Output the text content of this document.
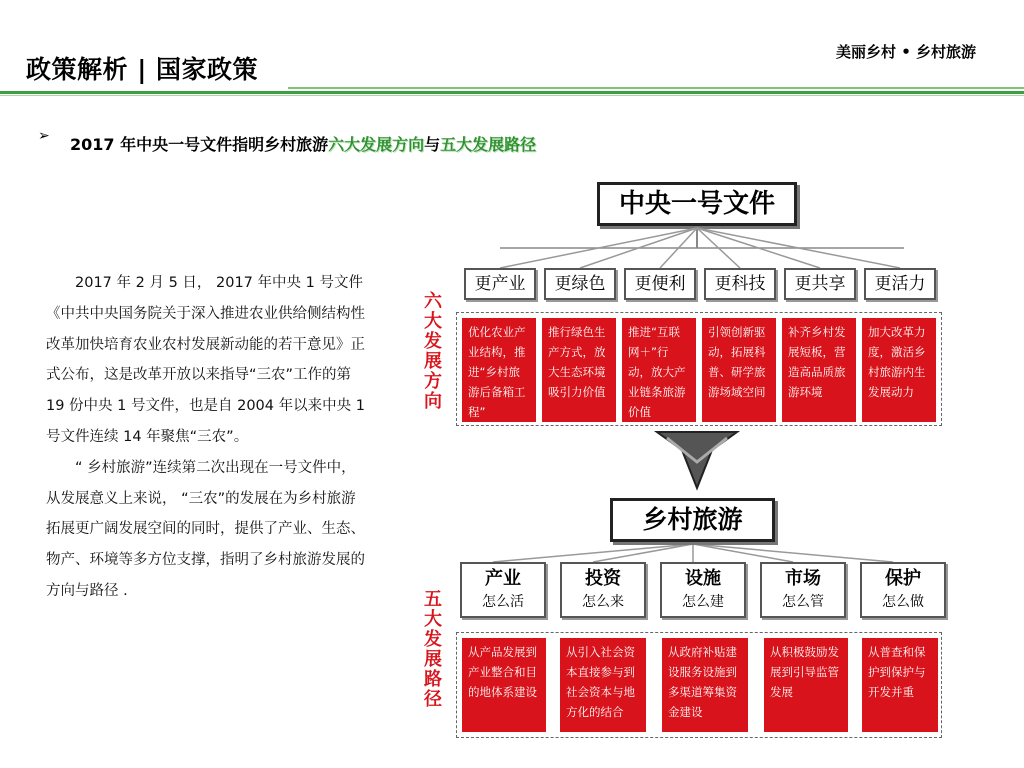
政策解析 | 国家政策
美丽乡村 • 乡村旅游
➢ 2017 年中央一号文件指明乡村旅游六大发展方向与五大发展路径

2017 年 2 月 5 日， 2017 年中央 1 号文件《中共中央国务院关于深入推进农业供给侧结构性改革加快培育农业农村发展新动能的若干意见》正式公布，这是改革开放以来指导“三农”工作的第 19 份中央 1 号文件，也是自 2004 年以来中央 1 号文件连续 14 年聚焦“三农”。

“ 乡村旅游”连续第二次出现在一号文件中，从发展意义上来说， “三农”的发展在为乡村旅游拓展更广阔发展空间的同时，提供了产业、生态、物产、环境等多方位支撑，指明了乡村旅游发展的方向与路径 .

中央一号文件
六大发展方向
五大发展路径
更产业	更绿色	更便利	更科技	更共享	更活力
优化农业产业结构，推进“乡村旅游后备箱工程”
推行绿色生产方式，放大生态环境吸引力价值
推进“互联网＋”行动，放大产业链条旅游价值
引领创新驱动，拓展科普、研学旅游场域空间
补齐乡村发展短板，营造高品质旅游环境
加大改革力度，激活乡村旅游内生发展动力
乡村旅游
产业
怎么活
投资
怎么来
设施
怎么建
市场
怎么管
保护
怎么做
从产品发展到产业整合和目的地体系建设
从引入社会资本直接参与到社会资本与地方化的结合
从政府补贴建设服务设施到多渠道筹集资金建设
从积极鼓励发展到引导监管发展
从普查和保护到保护与开发并重
